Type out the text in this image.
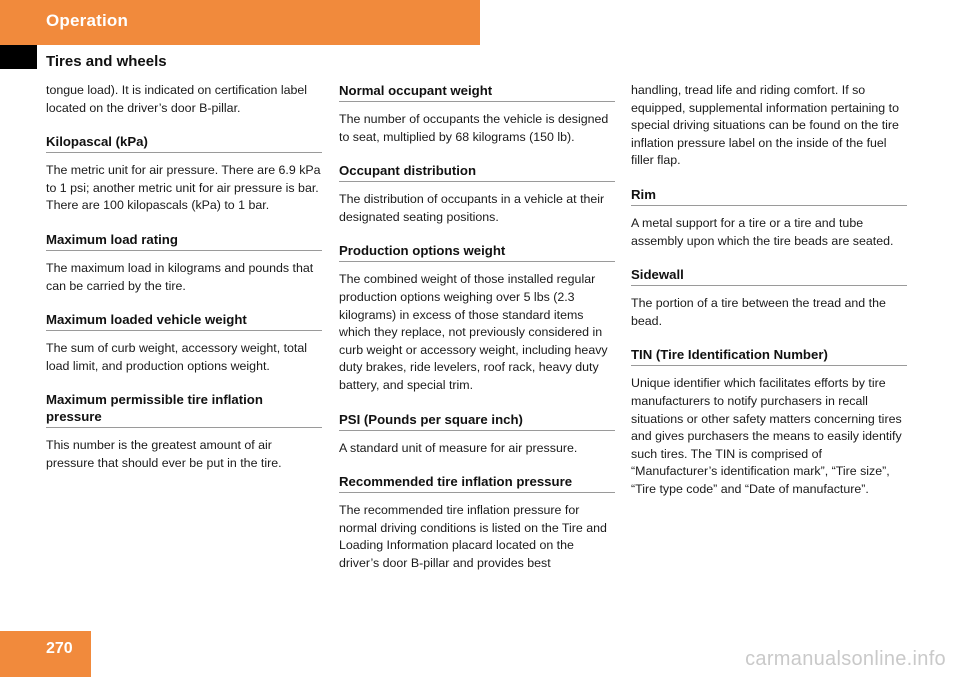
Operation
Tires and wheels

tongue load). It is indicated on certification label located on the driver’s door B-pillar.

Kilopascal (kPa)

The metric unit for air pressure. There are 6.9 kPa to 1 psi; another metric unit for air pressure is bar. There are 100 kilopascals (kPa) to 1 bar.

Maximum load rating

The maximum load in kilograms and pounds that can be carried by the tire.

Maximum loaded vehicle weight

The sum of curb weight, accessory weight, total load limit, and production options weight.

Maximum permissible tire inflation pressure

This number is the greatest amount of air pressure that should ever be put in the tire.

Normal occupant weight

The number of occupants the vehicle is designed to seat, multiplied by 68 kilograms (150 lb).

Occupant distribution

The distribution of occupants in a vehicle at their designated seating positions.

Production options weight

The combined weight of those installed regular production options weighing over 5 lbs (2.3 kilograms) in excess of those standard items which they replace, not previously considered in curb weight or accessory weight, including heavy duty brakes, ride levelers, roof rack, heavy duty battery, and special trim.

PSI (Pounds per square inch)

A standard unit of measure for air pressure.

Recommended tire inflation pressure

The recommended tire inflation pressure for normal driving conditions is listed on the Tire and Loading Information placard located on the driver’s door B-pillar and provides best

handling, tread life and riding comfort. If so equipped, supplemental information pertaining to special driving situations can be found on the tire inflation pressure label on the inside of the fuel filler flap.

Rim

A metal support for a tire or a tire and tube assembly upon which the tire beads are seated.

Sidewall

The portion of a tire between the tread and the bead.

TIN (Tire Identification Number)

Unique identifier which facilitates efforts by tire manufacturers to notify purchasers in recall situations or other safety matters concerning tires and gives purchasers the means to easily identify such tires. The TIN is comprised of “Manufacturer’s identification mark”, “Tire size”, “Tire type code” and “Date of manufacture”.

270	carmanualsonline.info
